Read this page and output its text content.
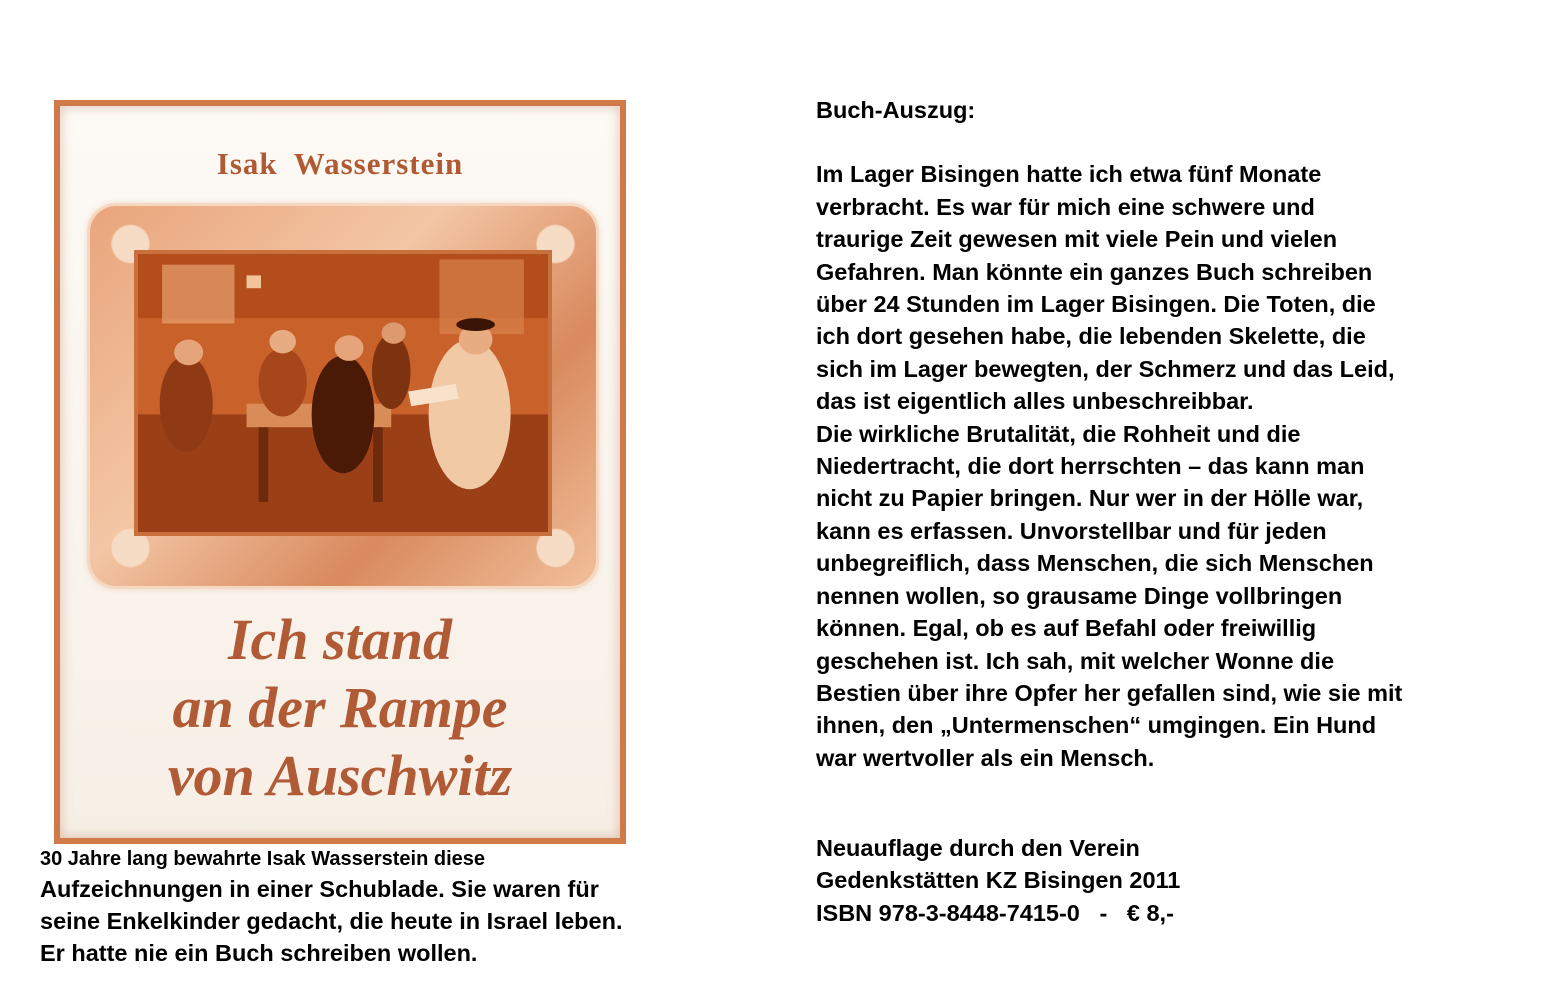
Isak Wasserstein
Ich stand
an der Rampe
von Auschwitz
30 Jahre lang bewahrte Isak Wasserstein diese
Aufzeichnungen in einer Schublade. Sie waren für
seine Enkelkinder gedacht, die heute in Israel leben.
Er hatte nie ein Buch schreiben wollen.
Buch-Auszug:
Im Lager Bisingen hatte ich etwa fünf Monate
verbracht. Es war für mich eine schwere und
traurige Zeit gewesen mit viele Pein und vielen
Gefahren. Man könnte ein ganzes Buch schreiben
über 24 Stunden im Lager Bisingen. Die Toten, die
ich dort gesehen habe, die lebenden Skelette, die
sich im Lager bewegten, der Schmerz und das Leid,
das ist eigentlich alles unbeschreibbar.
Die wirkliche Brutalität, die Rohheit und die
Niedertracht, die dort herrschten – das kann man
nicht zu Papier bringen. Nur wer in der Hölle war,
kann es erfassen. Unvorstellbar und für jeden
unbegreiflich, dass Menschen, die sich Menschen
nennen wollen, so grausame Dinge vollbringen
können. Egal, ob es auf Befahl oder freiwillig
geschehen ist. Ich sah, mit welcher Wonne die
Bestien über ihre Opfer her gefallen sind, wie sie mit
ihnen, den „Untermenschen“ umgingen. Ein Hund
war wertvoller als ein Mensch.
Neuauflage durch den Verein
Gedenkstätten KZ Bisingen 2011
ISBN 978-3-8448-7415-0   -   € 8,-
